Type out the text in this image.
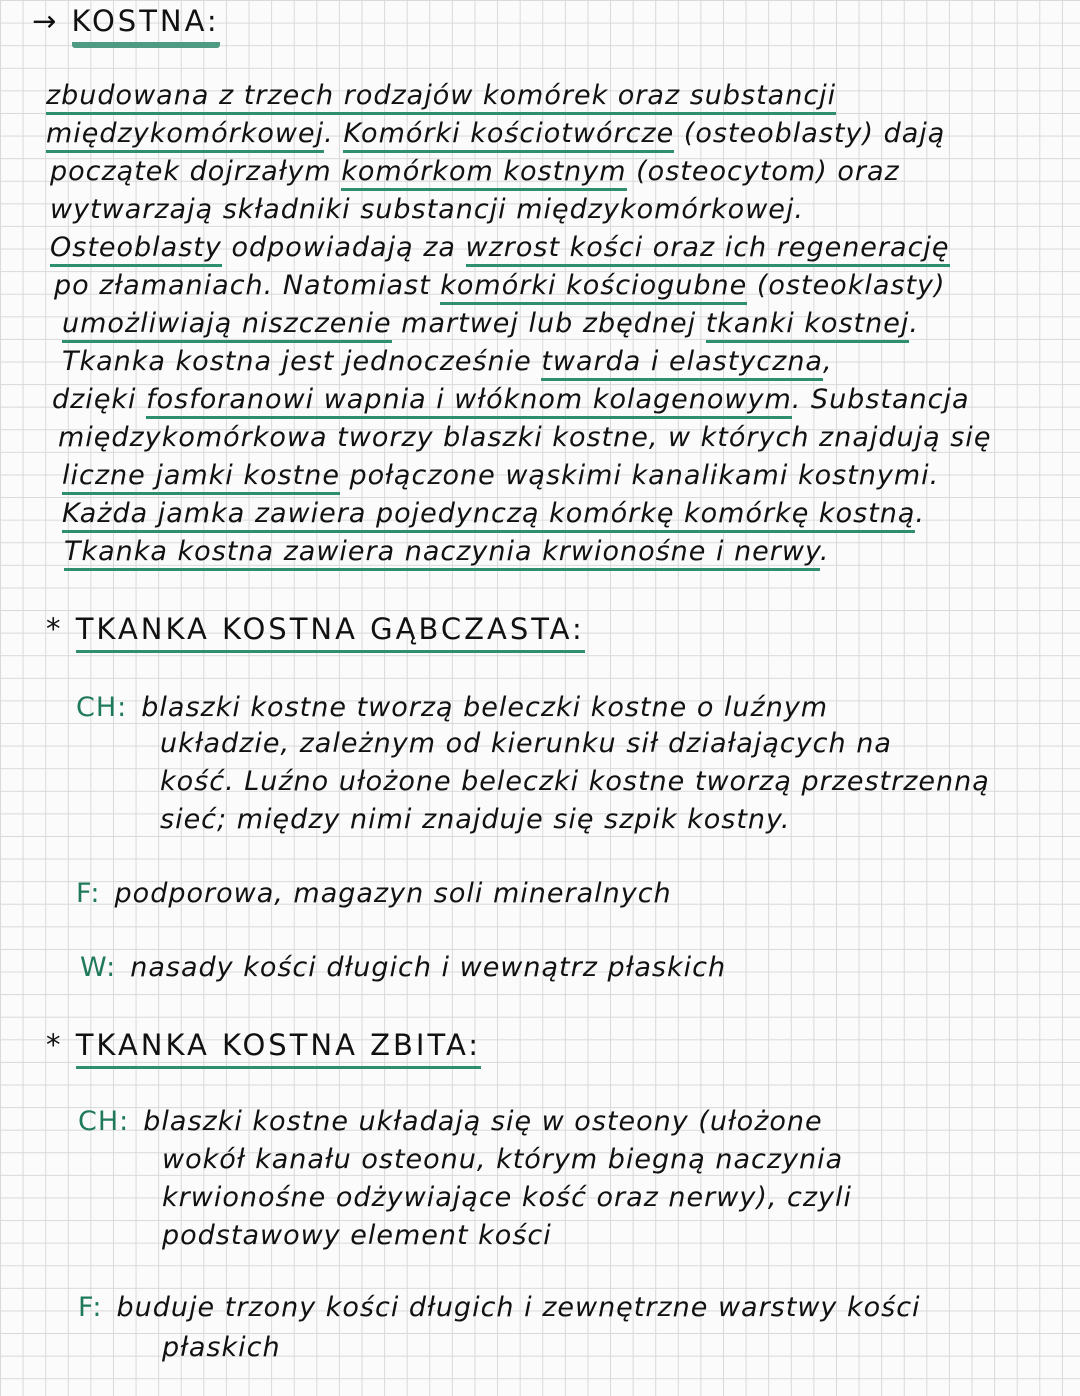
→ KOSTNA:
zbudowana z trzech rodzajów komórek oraz substancji
międzykomórkowej. Komórki kościotwórcze (osteoblasty) dają
początek dojrzałym komórkom kostnym (osteocytom) oraz
wytwarzają składniki substancji międzykomórkowej.
Osteoblasty odpowiadają za wzrost kości oraz ich regenerację
po złamaniach. Natomiast komórki kościogubne (osteoklasty)
umożliwiają niszczenie martwej lub zbędnej tkanki kostnej.
Tkanka kostna jest jednocześnie twarda i elastyczna,
dzięki fosforanowi wapnia i włóknom kolagenowym. Substancja
międzykomórkowa tworzy blaszki kostne, w których znajdują się
liczne jamki kostne połączone wąskimi kanalikami kostnymi.
Każda jamka zawiera pojedynczą komórkę komórkę kostną.
Tkanka kostna zawiera naczynia krwionośne i nerwy.
* TKANKA KOSTNA GĄBCZASTA:
CH: blaszki kostne tworzą beleczki kostne o luźnym
układzie, zależnym od kierunku sił działających na
kość. Luźno ułożone beleczki kostne tworzą przestrzenną
sieć; między nimi znajduje się szpik kostny.
F: podporowa, magazyn soli mineralnych
W: nasady kości długich i wewnątrz płaskich
* TKANKA KOSTNA ZBITA:
CH: blaszki kostne układają się w osteony (ułożone
wokół kanału osteonu, którym biegną naczynia
krwionośne odżywiające kość oraz nerwy), czyli
podstawowy element kości
F: buduje trzony kości długich i zewnętrzne warstwy kości
płaskich
